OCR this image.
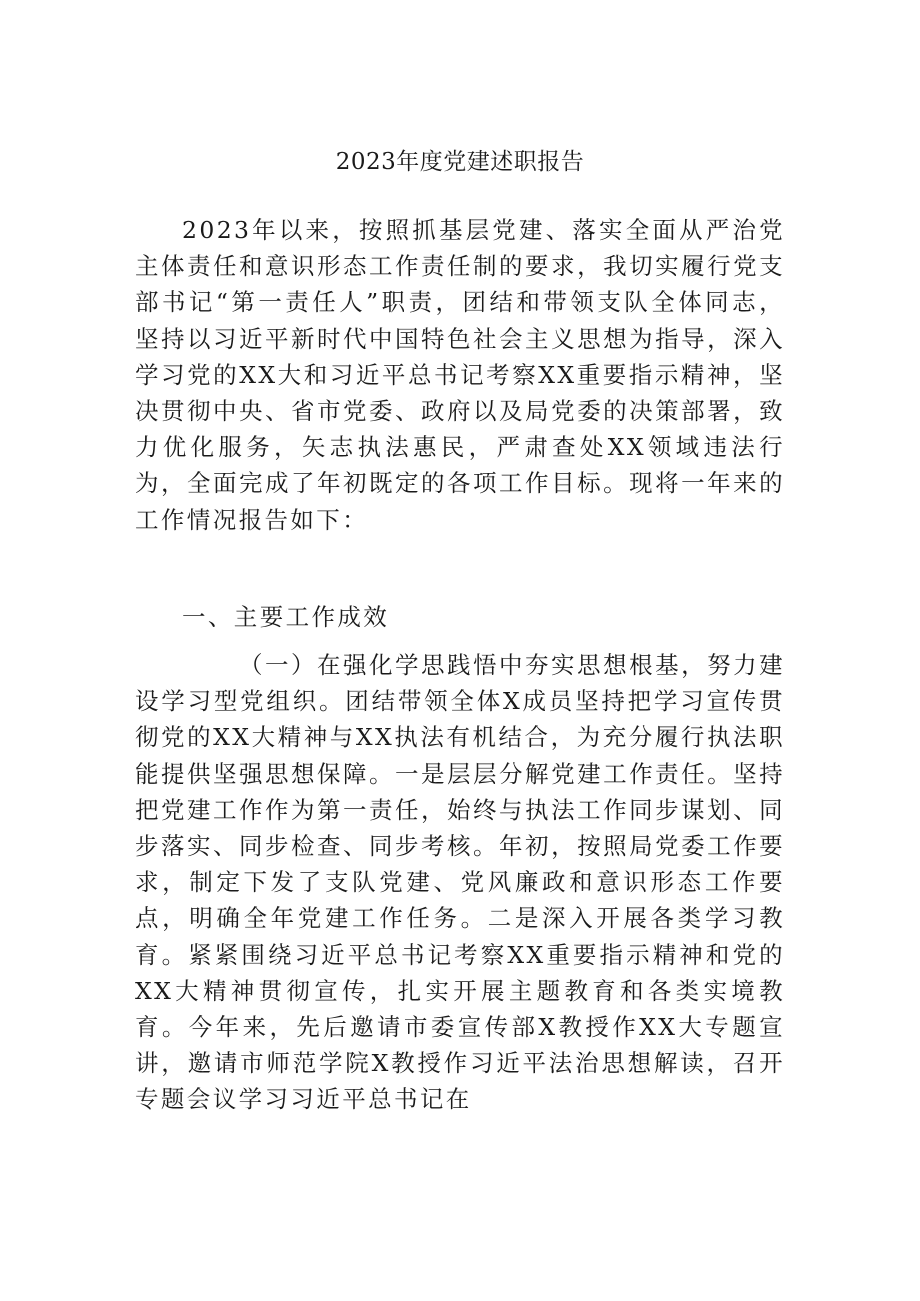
2023年度党建述职报告

2023年以来，按照抓基层党建、落实全面从严治党主体责任和意识形态工作责任制的要求，我切实履行党支部书记“第一责任人”职责，团结和带领支队全体同志，坚持以习近平新时代中国特色社会主义思想为指导，深入学习党的XX大和习近平总书记考察XX重要指示精神，坚决贯彻中央、省市党委、政府以及局党委的决策部署，致力优化服务，矢志执法惠民，严肃查处XX领域违法行为，全面完成了年初既定的各项工作目标。现将一年来的工作情况报告如下：

一、主要工作成效

（一）在强化学思践悟中夯实思想根基，努力建设学习型党组织。团结带领全体X成员坚持把学习宣传贯彻党的XX大精神与XX执法有机结合，为充分履行执法职能提供坚强思想保障。一是层层分解党建工作责任。坚持把党建工作作为第一责任，始终与执法工作同步谋划、同步落实、同步检查、同步考核。年初，按照局党委工作要求，制定下发了支队党建、党风廉政和意识形态工作要点，明确全年党建工作任务。二是深入开展各类学习教育。紧紧围绕习近平总书记考察XX重要指示精神和党的XX大精神贯彻宣传，扎实开展主题教育和各类实境教育。今年来，先后邀请市委宣传部X教授作XX大专题宣讲，邀请市师范学院X教授作习近平法治思想解读，召开专题会议学习习近平总书记在
